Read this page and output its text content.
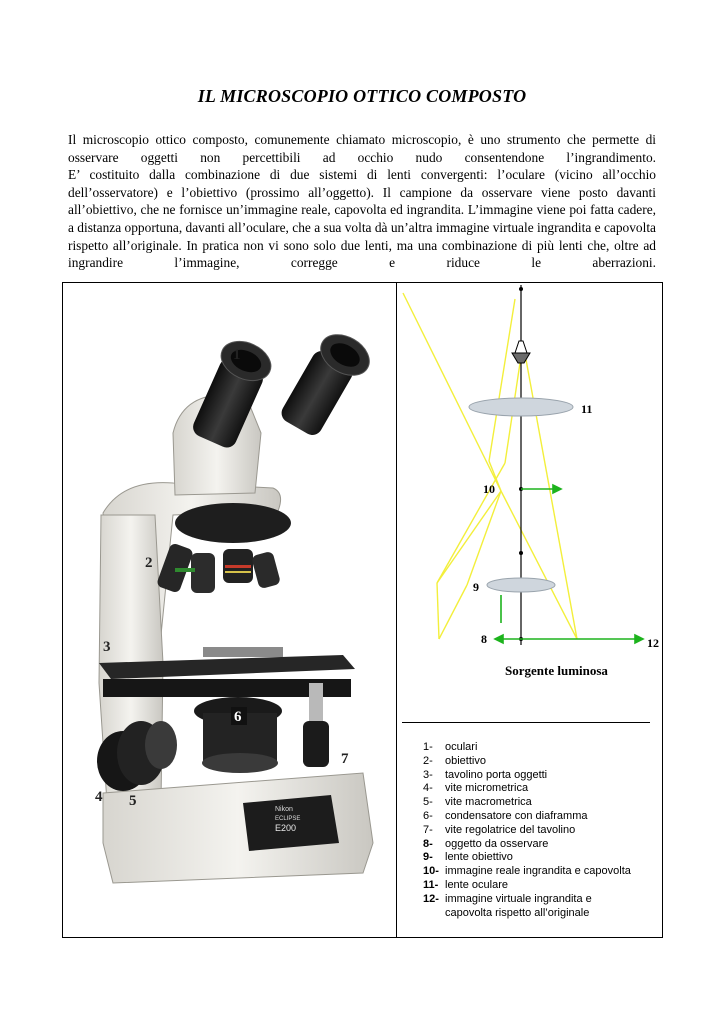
IL MICROSCOPIO OTTICO COMPOSTO

Il microscopio ottico composto, comunemente chiamato microscopio, è uno strumento che permette di osservare oggetti non percettibili ad occhio nudo consentendone l’ingrandimento.

E’ costituito dalla combinazione di due sistemi di lenti convergenti: l’oculare (vicino all’occhio dell’osservatore) e l’obiettivo (prossimo all’oggetto). Il campione da osservare viene posto davanti all’obiettivo, che ne fornisce un’immagine reale, capovolta ed ingrandita. L’immagine viene poi fatta cadere, a distanza opportuna, davanti all’oculare, che a sua volta dà un’altra immagine virtuale ingrandita e capovolta rispetto all’originale. In pratica non vi sono solo due lenti, ma una combinazione di più lenti che, oltre ad ingrandire l’immagine, corregge e riduce le aberrazioni.

Nikon
ECLIPSE
E200
1
2
3
4 5
6
7
11
10
9
8	12
Sorgente luminosa
1-	oculari
2-	obiettivo
3-	tavolino porta oggetti
4-	vite micrometrica
5-	vite macrometrica
6-	condensatore con diaframma
7-	vite regolatrice del tavolino
8-	oggetto da osservare
9-	lente obiettivo
10- immagine reale ingrandita e capovolta
11- lente oculare
12- immagine virtuale ingrandita e
capovolta rispetto all’originale
